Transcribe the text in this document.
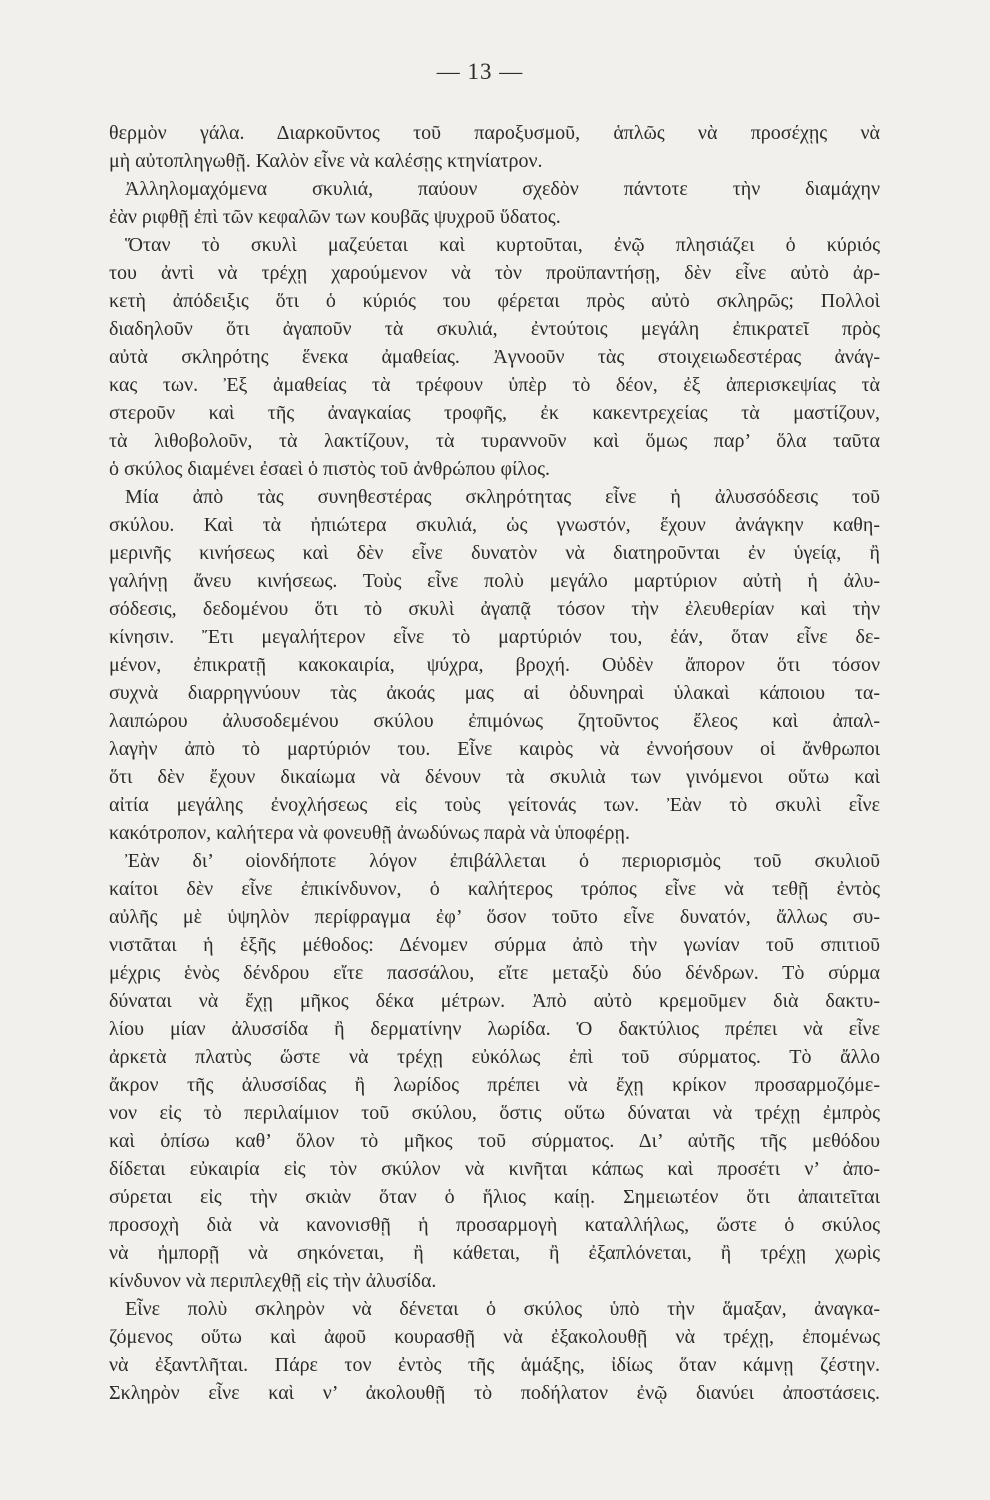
— 13 —
θερμὸν γάλα. Διαρκοῦντος τοῦ παροξυσμοῦ, ἁπλῶς νὰ προσέχῃς νὰ
μὴ αὐτοπληγωθῇ. Καλὸν εἶνε νὰ καλέσῃς κτηνίατρον.
Ἀλληλομαχόμενα σκυλιά, παύουν σχεδὸν πάντοτε τὴν διαμάχην
ἐὰν ριφθῇ ἐπὶ τῶν κεφαλῶν των κουβᾶς ψυχροῦ ὕδατος.
Ὅταν τὸ σκυλὶ μαζεύεται καὶ κυρτοῦται, ἐνῷ πλησιάζει ὁ κύριός
του ἀντὶ νὰ τρέχῃ χαρούμενον νὰ τὸν προϋπαντήσῃ, δὲν εἶνε αὐτὸ ἀρ-
κετὴ ἀπόδειξις ὅτι ὁ κύριός του φέρεται πρὸς αὐτὸ σκληρῶς; Πολλοὶ
διαδηλοῦν ὅτι ἀγαποῦν τὰ σκυλιά, ἐντούτοις μεγάλη ἐπικρατεῖ πρὸς
αὐτὰ σκληρότης ἕνεκα ἀμαθείας. Ἀγνοοῦν τὰς στοιχειωδεστέρας ἀνάγ-
κας των. Ἐξ ἀμαθείας τὰ τρέφουν ὑπὲρ τὸ δέον, ἐξ ἀπερισκεψίας τὰ
στεροῦν καὶ τῆς ἀναγκαίας τροφῆς, ἐκ κακεντρεχείας τὰ μαστίζουν,
τὰ λιθοβολοῦν, τὰ λακτίζουν, τὰ τυραννοῦν καὶ ὅμως παρ’ ὅλα ταῦτα
ὁ σκύλος διαμένει ἐσαεὶ ὁ πιστὸς τοῦ ἀνθρώπου φίλος.
Μία ἀπὸ τὰς συνηθεστέρας σκληρότητας εἶνε ἡ ἀλυσσόδεσις τοῦ
σκύλου. Καὶ τὰ ἠπιώτερα σκυλιά, ὡς γνωστόν, ἔχουν ἀνάγκην καθη-
μερινῆς κινήσεως καὶ δὲν εἶνε δυνατὸν νὰ διατηροῦνται ἐν ὑγείᾳ, ἢ
γαλήνῃ ἄνευ κινήσεως. Τοὺς εἶνε πολὺ μεγάλο μαρτύριον αὐτὴ ἡ ἀλυ-
σόδεσις, δεδομένου ὅτι τὸ σκυλὶ ἀγαπᾷ τόσον τὴν ἐλευθερίαν καὶ τὴν
κίνησιν. Ἔτι μεγαλήτερον εἶνε τὸ μαρτύριόν του, ἐάν, ὅταν εἶνε δε-
μένον, ἐπικρατῇ κακοκαιρία, ψύχρα, βροχή. Οὐδὲν ἄπορον ὅτι τόσον
συχνὰ διαρρηγνύουν τὰς ἀκοάς μας αἱ ὀδυνηραὶ ὑλακαὶ κάποιου τα-
λαιπώρου ἀλυσοδεμένου σκύλου ἐπιμόνως ζητοῦντος ἔλεος καὶ ἀπαλ-
λαγὴν ἀπὸ τὸ μαρτύριόν του. Εἶνε καιρὸς νὰ ἐννοήσουν οἱ ἄνθρωποι
ὅτι δὲν ἔχουν δικαίωμα νὰ δένουν τὰ σκυλιὰ των γινόμενοι οὕτω καὶ
αἰτία μεγάλης ἐνοχλήσεως εἰς τοὺς γείτονάς των. Ἐὰν τὸ σκυλὶ εἶνε
κακότροπον, καλήτερα νὰ φονευθῇ ἀνωδύνως παρὰ νὰ ὑποφέρῃ.
Ἐὰν δι’ οἱονδήποτε λόγον ἐπιβάλλεται ὁ περιορισμὸς τοῦ σκυλιοῦ
καίτοι δὲν εἶνε ἐπικίνδυνον, ὁ καλήτερος τρόπος εἶνε νὰ τεθῇ ἐντὸς
αὐλῆς μὲ ὑψηλὸν περίφραγμα ἐφ’ ὅσον τοῦτο εἶνε δυνατόν, ἄλλως συ-
νιστᾶται ἡ ἑξῆς μέθοδος: Δένομεν σύρμα ἀπὸ τὴν γωνίαν τοῦ σπιτιοῦ
μέχρις ἑνὸς δένδρου εἴτε πασσάλου, εἴτε μεταξὺ δύο δένδρων. Τὸ σύρμα
δύναται νὰ ἔχῃ μῆκος δέκα μέτρων. Ἀπὸ αὐτὸ κρεμοῦμεν διὰ δακτυ-
λίου μίαν ἀλυσσίδα ἢ δερματίνην λωρίδα. Ὁ δακτύλιος πρέπει νὰ εἶνε
ἀρκετὰ πλατὺς ὥστε νὰ τρέχῃ εὐκόλως ἐπὶ τοῦ σύρματος. Τὸ ἄλλο
ἄκρον τῆς ἀλυσσίδας ἢ λωρίδος πρέπει νὰ ἔχῃ κρίκον προσαρμοζόμε-
νον εἰς τὸ περιλαίμιον τοῦ σκύλου, ὅστις οὕτω δύναται νὰ τρέχῃ ἐμπρὸς
καὶ ὀπίσω καθ’ ὅλον τὸ μῆκος τοῦ σύρματος. Δι’ αὐτῆς τῆς μεθόδου
δίδεται εὐκαιρία εἰς τὸν σκύλον νὰ κινῆται κάπως καὶ προσέτι ν’ ἀπο-
σύρεται εἰς τὴν σκιὰν ὅταν ὁ ἥλιος καίῃ. Σημειωτέον ὅτι ἀπαιτεῖται
προσοχὴ διὰ νὰ κανονισθῇ ἡ προσαρμογὴ καταλλήλως, ὥστε ὁ σκύλος
νὰ ἠμπορῇ νὰ σηκόνεται, ἢ κάθεται, ἢ ἐξαπλόνεται, ἢ τρέχῃ χωρὶς
κίνδυνον νὰ περιπλεχθῇ εἰς τὴν ἀλυσίδα.
Εἶνε πολὺ σκληρὸν νὰ δένεται ὁ σκύλος ὑπὸ τὴν ἅμαξαν, ἀναγκα-
ζόμενος οὕτω καὶ ἀφοῦ κουρασθῇ νὰ ἐξακολουθῇ νὰ τρέχῃ, ἐπομένως
νὰ ἐξαντλῆται. Πάρε τον ἐντὸς τῆς ἁμάξης, ἰδίως ὅταν κάμνῃ ζέστην.
Σκληρὸν εἶνε καὶ ν’ ἀκολουθῇ τὸ ποδήλατον ἐνῷ διανύει ἀποστάσεις.
